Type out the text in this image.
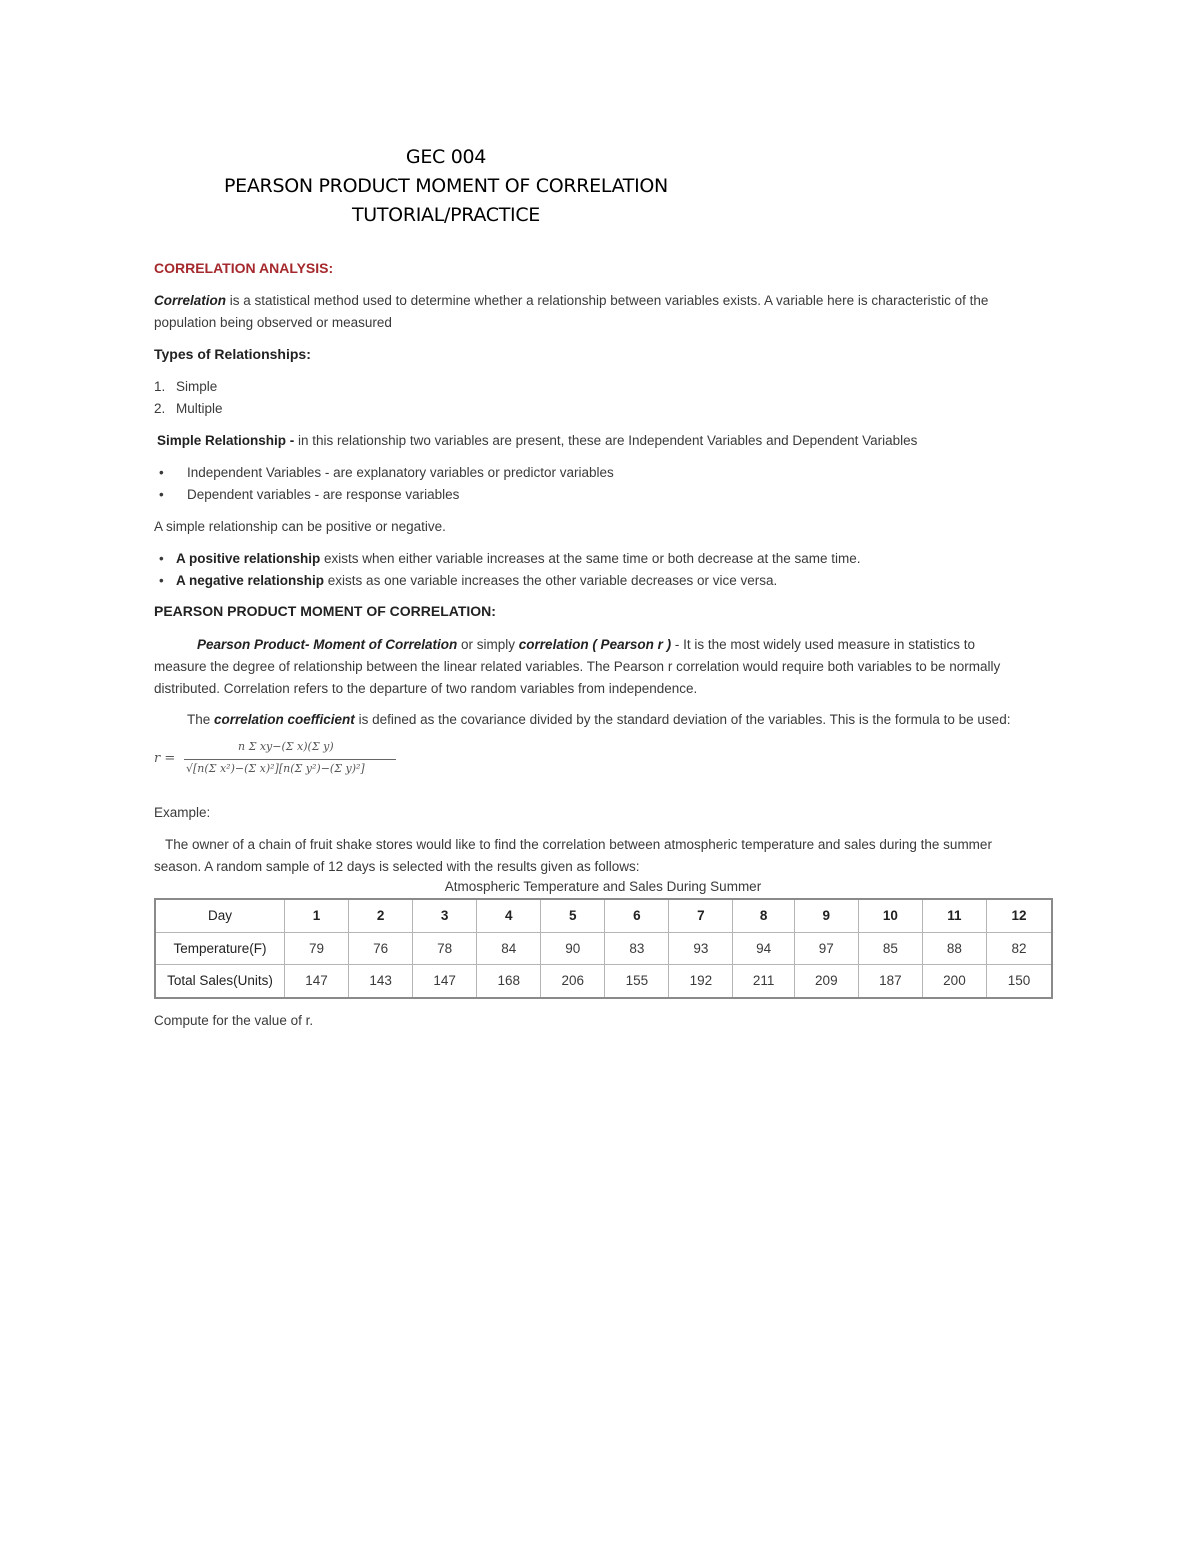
GEC 004
PEARSON PRODUCT MOMENT OF CORRELATION
TUTORIAL/PRACTICE
CORRELATION ANALYSIS:
Correlation is a statistical method used to determine whether a relationship between variables exists. A variable here is characteristic of the
population being observed or measured
Types of Relationships:
1. Simple
2. Multiple
Simple Relationship - in this relationship two variables are present, these are Independent Variables and Dependent Variables
• Independent Variables - are explanatory variables or predictor variables
• Dependent variables - are response variables
A simple relationship can be positive or negative.
• A positive relationship exists when either variable increases at the same time or both decrease at the same time.
• A negative relationship exists as one variable increases the other variable decreases or vice versa.
PEARSON PRODUCT MOMENT OF CORRELATION:
Pearson Product- Moment of Correlation or simply correlation ( Pearson r ) - It is the most widely used measure in statistics to
measure the degree of relationship between the linear related variables. The Pearson r correlation would require both variables to be normally
distributed. Correlation refers to the departure of two random variables from independence.
The correlation coefficient is defined as the covariance divided by the standard deviation of the variables. This is the formula to be used:
r =
n Σ xy−(Σ x)(Σ y)
√[n(Σ x²)−(Σ x)²][n(Σ y²)−(Σ y)²]
Example:
The owner of a chain of fruit shake stores would like to find the correlation between atmospheric temperature and sales during the summer
season. A random sample of 12 days is selected with the results given as follows:
Atmospheric Temperature and Sales During Summer
Day	1	2	3	4	5	6	7	8	9	10	11	12
Temperature(F)	79	76	78	84	90	83	93	94	97	85	88	82
Total Sales(Units)	147	143	147	168	206	155	192	211	209	187	200	150
Compute for the value of r.
